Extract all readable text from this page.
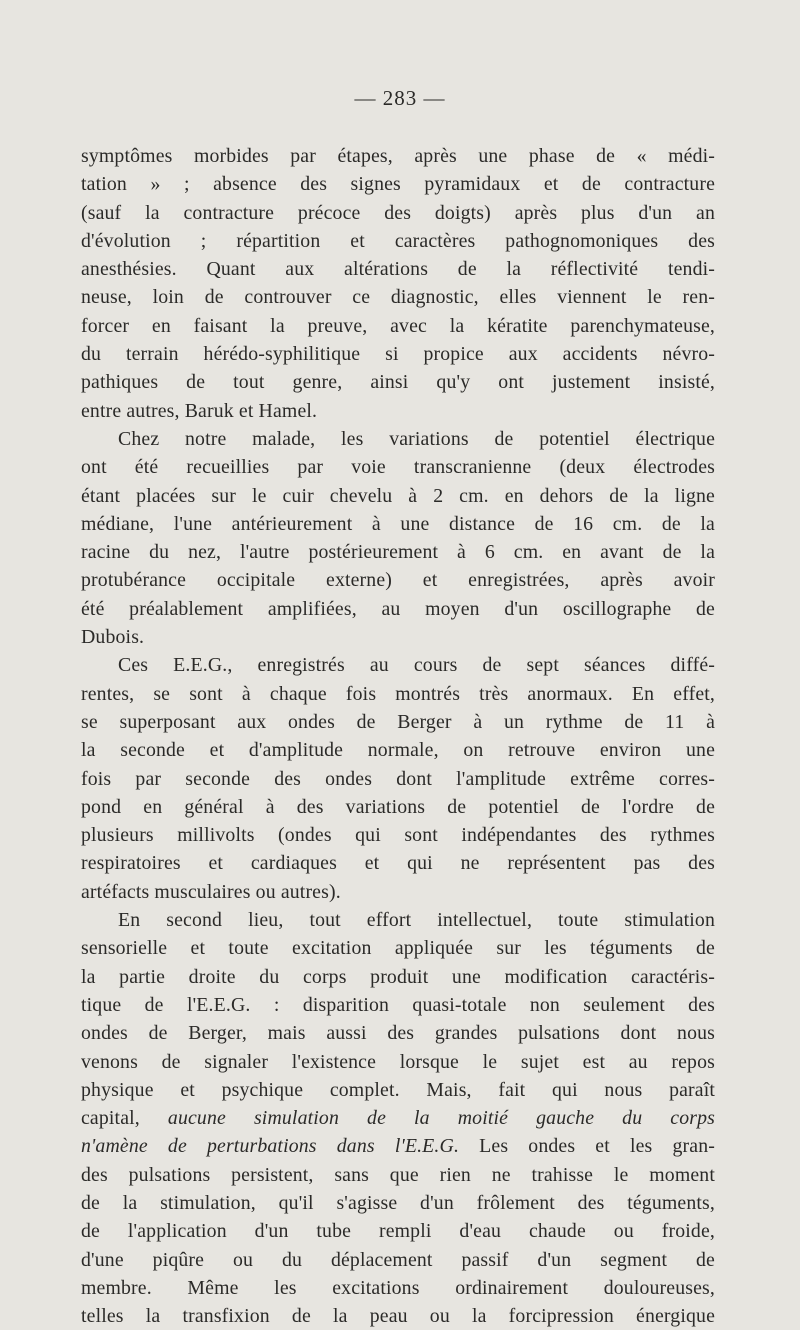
— 283 —

symptômes morbides par étapes, après une phase de « médi-
tation » ; absence des signes pyramidaux et de contracture
(sauf la contracture précoce des doigts) après plus d'un an
d'évolution ; répartition et caractères pathognomoniques des
anesthésies. Quant aux altérations de la réflectivité tendi-
neuse, loin de controuver ce diagnostic, elles viennent le ren-
forcer en faisant la preuve, avec la kératite parenchymateuse,
du terrain hérédo-syphilitique si propice aux accidents névro-
pathiques de tout genre, ainsi qu'y ont justement insisté,
entre autres, Baruk et Hamel.
Chez notre malade, les variations de potentiel électrique
ont été recueillies par voie transcranienne (deux électrodes
étant placées sur le cuir chevelu à 2 cm. en dehors de la ligne
médiane, l'une antérieurement à une distance de 16 cm. de la
racine du nez, l'autre postérieurement à 6 cm. en avant de la
protubérance occipitale externe) et enregistrées, après avoir
été préalablement amplifiées, au moyen d'un oscillographe de
Dubois.
Ces E.E.G., enregistrés au cours de sept séances diffé-
rentes, se sont à chaque fois montrés très anormaux. En effet,
se superposant aux ondes de Berger à un rythme de 11 à
la seconde et d'amplitude normale, on retrouve environ une
fois par seconde des ondes dont l'amplitude extrême corres-
pond en général à des variations de potentiel de l'ordre de
plusieurs millivolts (ondes qui sont indépendantes des rythmes
respiratoires et cardiaques et qui ne représentent pas des
artéfacts musculaires ou autres).
En second lieu, tout effort intellectuel, toute stimulation
sensorielle et toute excitation appliquée sur les téguments de
la partie droite du corps produit une modification caractéris-
tique de l'E.E.G. : disparition quasi-totale non seulement des
ondes de Berger, mais aussi des grandes pulsations dont nous
venons de signaler l'existence lorsque le sujet est au repos
physique et psychique complet. Mais, fait qui nous paraît
capital, aucune simulation de la moitié gauche du corps
n'amène de perturbations dans l'E.E.G. Les ondes et les gran-
des pulsations persistent, sans que rien ne trahisse le moment
de la stimulation, qu'il s'agisse d'un frôlement des téguments,
de l'application d'un tube rempli d'eau chaude ou froide,
d'une piqûre ou du déplacement passif d'un segment de
membre. Même les excitations ordinairement douloureuses,
telles la transfixion de la peau ou la forcipression énergique
